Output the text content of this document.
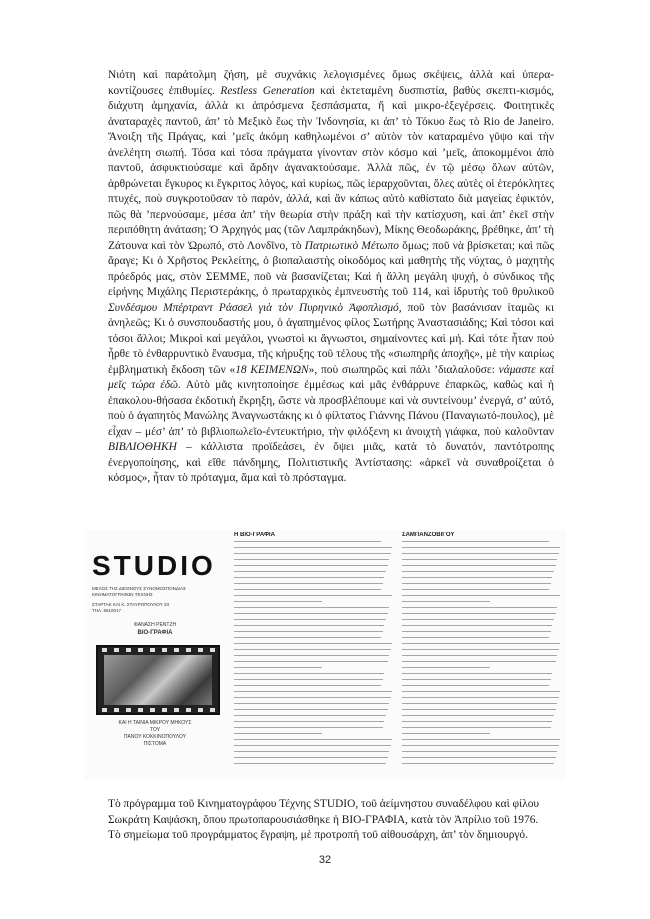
Νιότη καὶ παράτολμη ζήση, μὲ συχνάκις λελογισμένες ὅμως σκέψεις, ἀλλὰ καὶ ὑπερα-κοντίζουσες ἐπιθυμίες. Restless Generation καὶ ἐκτεταμένη δυσπιστία, βαθὺς σκεπτι-κισμός, διάχυτη ἀμηχανία, ἀλλὰ κι ἀπρόσμενα ξεσπάσματα, ἤ καὶ μικρο-ἐξεγέρσεις. Φοιτητικὲς ἀναταραχὲς παντοῦ, ἀπ’ τὸ Μεξικὸ ἕως τὴν Ἰνδονησία, κι ἀπ’ τὸ Τόκυο ἕως τὸ Rio de Janeiro. Ἄνοιξη τῆς Πράγας, καὶ ’μεῖς ἀκόμη καθηλωμένοι σ’ αὐτὸν τὸν καταραμένο γῦψο καὶ τὴν ἀνελέητη σιωπή. Τόσα καὶ τόσα πράγματα γίνονταν στὸν κόσμο καὶ ’μεῖς, ἀποκομμένοι ἀπὸ παντοῦ, ἀσφυκτιούσαμε καὶ ἄρδην ἀγανακτούσαμε. Ἀλλὰ πῶς, ἐν τῷ μέσῳ ὅλων αὐτῶν, ἀρθρώνεται ἔγκυρος κι ἔγκριτος λόγος, καὶ κυρίως, πῶς ἱεραρχοῦνται, ὅλες αὐτὲς οἱ ἑτερόκλητες πτυχές, ποὺ συγκροτοῦσαν τὸ παρόν, ἀλλά, καὶ ἂν κάπως αὐτὸ καθίσταto διὰ μαγείας ἐφικτόν, πῶς θὰ ’περνούσαμε, μέσα ἀπ’ τὴν θεωρία στὴν πράξη καὶ τὴν κατίσχυση, καὶ ἀπ’ ἐκεῖ στὴν περιπόθητη ἀνάταση; Ὁ Ἀρχηγός μας (τῶν Λαμπράκηδων), Μίκης Θεοδωράκης, βρέθηκε, ἀπ’ τὴ Ζάτουνα καὶ τὸν Ὠρωπό, στὸ Λονδῖνο, τὸ Πατριωτικὸ Μέτωπο ὅμως; ποῦ νὰ βρίσκεται; καὶ πῶς ἄραγε; Κι ὁ Χρῆστος Ρεκλείτης, ὁ βιοπαλαιστὴς οἰκοδόμος καὶ μαθητὴς τῆς νύχτας, ὁ μαχητὴς πρόεδρός μας, στὸν ΣΕΜΜΕ, ποῦ νὰ βασανίζεται; Καὶ ἡ ἄλλη μεγάλη ψυχή, ὁ σύνδικος τῆς εἰρήνης Μιχάλης Περιστεράκης, ὁ πρωταρχικὸς ἐμπνευστὴς τοῦ 114, καὶ ἱδρυτὴς τοῦ θρυλικοῦ Συνδέσμου Μπέρτραντ Ράσσελ γιὰ τὸν Πυρηνικὸ Ἀφοπλισμό, ποῦ τὸν βασάνισαν ἰταμῶς κι ἀνηλεῶς; Κι ὁ συνσπουδαστής μου, ὁ ἀγαπημένος φίλος Σωτήρης Ἀναστασιάδης; Καὶ τόσοι καὶ τόσοι ἄλλοι; Μικροὶ καὶ μεγάλοι, γνωστοὶ κι ἄγνωστοι, σημαίνοντες καὶ μή. Καὶ τότε ἦταν πού ἦρθε τὸ ἐνθαρρυντικὸ ἔναυσμα, τῆς κήρυξης τοῦ τέλους τῆς «σιωπηρῆς ἀποχῆς», μὲ τὴν καιρίως ἐμβληματικὴ ἔκδοση τῶν «18 ΚΕΙΜΕΝΩΝ», ποὺ σιωπηρῶς καὶ πάλι ’διαλαλοῦσε: νάμαστε καὶ μεῖς τώρα ἐδῶ. Αὐτὸ μᾶς κινητοποίησε ἐμμέσως καὶ μᾶς ἐνθάρρυνε ἐπαρκῶς, καθὼς καὶ ἡ ἐπακολου-θήσασα ἐκδοτικὴ ἔκρηξη, ὥστε νὰ προσβλέπουμε καὶ νὰ συντείνουμ’ ἐνεργά, σ’ αὐτό, ποὺ ὁ ἀγαπητὸς Μανώλης Ἀναγνωστάκης κι ὁ φίλτατος Γιάννης Πάνου (Παναγιωτό-πουλος), μὲ εἶχαν – μέσ’ ἀπ’ τὸ βιβλιοπωλεῖο-ἐντευκτήριο, τὴν φιλόξενη κι ἀνοιχτὴ γιάφκα, ποὺ καλοῦνταν ΒΙΒΛΙΟΘΗΚΗ – κάλλιστα προϊδεάσει, ἐν ὄψει μιᾶς, κατὰ τὸ δυνατόν, παντότροπης ἐνεργοποίησης, καὶ εἴθε πάνδημης, Πολιτιστικῆς Ἀντίστασης: «ἀρκεῖ νὰ συναθροίζεται ὁ κόσμος», ἦταν τὸ πρόταγμα, ἅμα καὶ τὸ πρόσταγμα.

STUDIO
ΜΕΛΟΣ ΤΗΣ ΔΙΕΘΝΟΥΣ ΣΥΝΟΜΟΣΠΟΝΔΙΑΣ
ΚΙΝΗΜΑΤΟΓΡΑΦΩΝ ΤΕΧΝΗΣ
ΣΤΑΡΤΑΚ ΚΑΙ Κ. ΣΤΑΥΡΟΠΟΥΛΟΥ 33
ΤΗΛ. 8610017
ΦΑΝΑΣΗ ΡΕΝΤΖΗ
ΒΙΟ-ΓΡΑΦΙΑ
ΚΑΙ Η ΤΑΙΝΙΑ ΜΙΚΡΟΥ ΜΗΚΟΥΣ
ΤΟΥ
ΠΑΝΟΥ ΚΟΚΚΙΝΟΠΟΥΛΟΥ
ΠΙΣΤΟΜΑ
Η ΒΙΟ-ΓΡΑΦΙΑ	ΣΑΜΠΑΝΖΟΒΙΓΟΥ

Τὸ πρόγραμμα τοῦ Κινηματογράφου Τέχνης STUDIO, τοῦ ἀείμνηστου συναδέλφου καὶ φίλου

Σωκράτη Καψάσκη, ὅπου πρωτοπαρουσιάσθηκε ἡ ΒΙΟ-ΓΡΑΦΙΑ, κατὰ τὸν Ἀπρίλιο τοῦ 1976.

Τὸ σημείωμα τοῦ προγράμματος ἔγραψη, μὲ προτροπὴ τοῦ αἰθουσάρχη, ἀπ’ τὸν δημιουργό.

32
